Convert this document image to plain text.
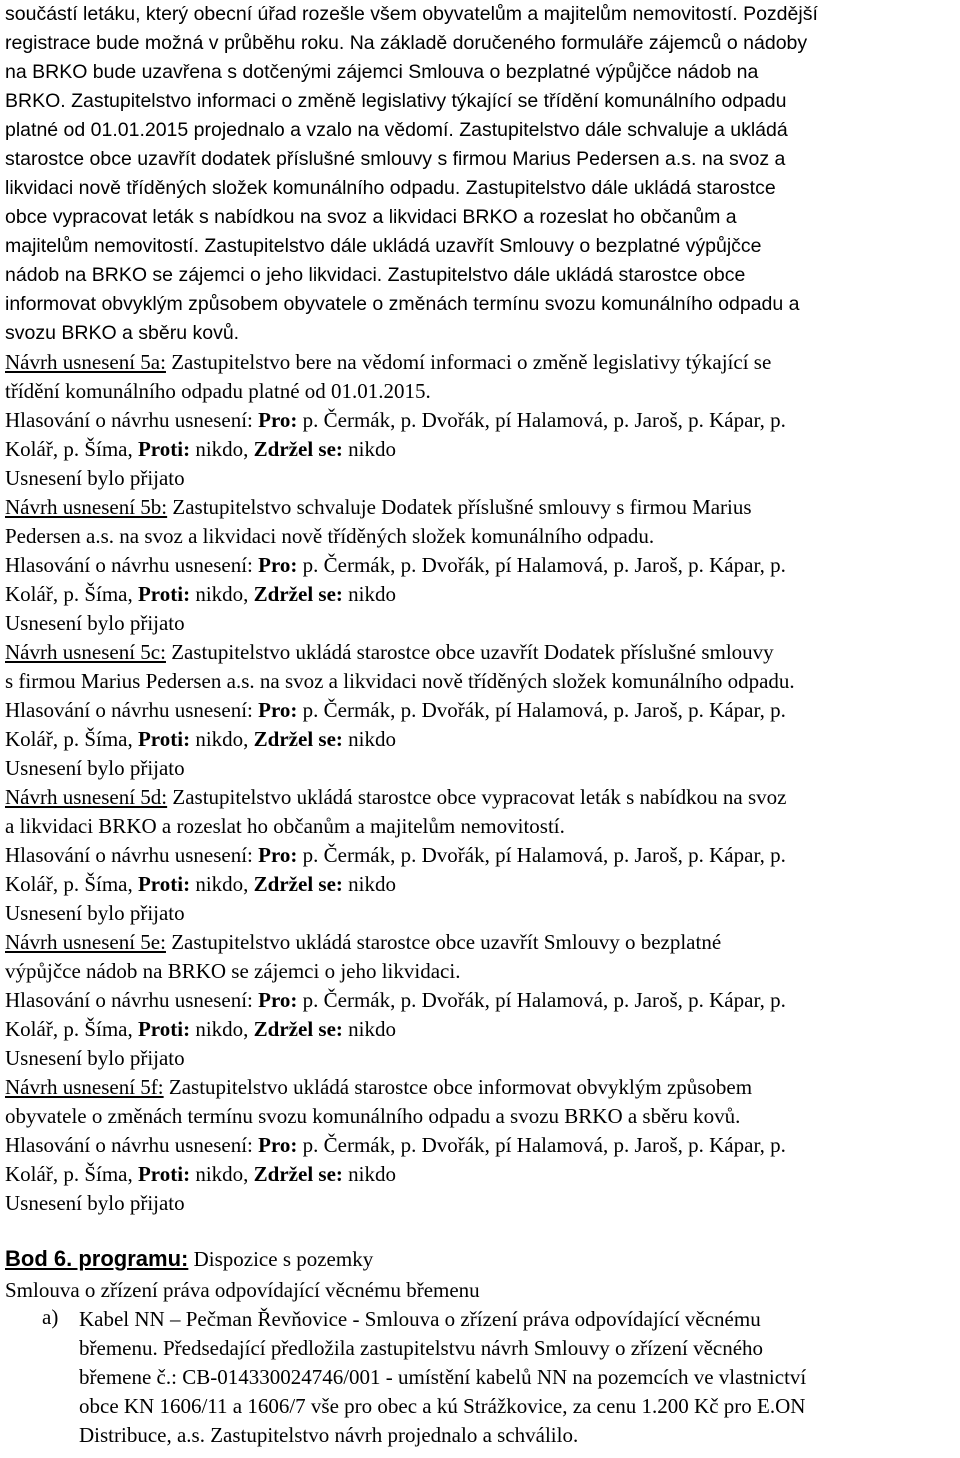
součástí letáku, který obecní úřad rozešle všem obyvatelům a majitelům nemovitostí. Pozdější
registrace bude možná v průběhu roku. Na základě doručeného formuláře zájemců o nádoby
na BRKO bude uzavřena s dotčenými zájemci Smlouva o bezplatné výpůjčce nádob na
BRKO. Zastupitelstvo informaci o změně legislativy týkající se třídění komunálního odpadu
platné od 01.01.2015 projednalo a vzalo na vědomí. Zastupitelstvo dále schvaluje a ukládá
starostce obce uzavřít dodatek příslušné smlouvy s firmou Marius Pedersen a.s. na svoz a
likvidaci nově tříděných složek komunálního odpadu. Zastupitelstvo dále ukládá starostce
obce vypracovat leták s nabídkou na svoz a likvidaci BRKO a rozeslat ho občanům a
majitelům nemovitostí. Zastupitelstvo dále ukládá uzavřít Smlouvy o bezplatné výpůjčce
nádob na BRKO se zájemci o jeho likvidaci. Zastupitelstvo dále ukládá starostce obce
informovat obvyklým způsobem obyvatele o změnách termínu svozu komunálního odpadu a
svozu BRKO a sběru kovů.
Návrh usnesení 5a: Zastupitelstvo bere na vědomí informaci o změně legislativy týkající se
třídění komunálního odpadu platné od 01.01.2015.
Hlasování o návrhu usnesení: Pro: p. Čermák, p. Dvořák, pí Halamová, p. Jaroš, p. Kápar, p.
Kolář, p. Šíma, Proti: nikdo, Zdržel se: nikdo
Usnesení bylo přijato
Návrh usnesení 5b: Zastupitelstvo schvaluje Dodatek příslušné smlouvy s firmou Marius
Pedersen a.s. na svoz a likvidaci nově tříděných složek komunálního odpadu.
Hlasování o návrhu usnesení: Pro: p. Čermák, p. Dvořák, pí Halamová, p. Jaroš, p. Kápar, p.
Kolář, p. Šíma, Proti: nikdo, Zdržel se: nikdo
Usnesení bylo přijato
Návrh usnesení 5c: Zastupitelstvo ukládá starostce obce uzavřít Dodatek příslušné smlouvy
s firmou Marius Pedersen a.s. na svoz a likvidaci nově tříděných složek komunálního odpadu.
Hlasování o návrhu usnesení: Pro: p. Čermák, p. Dvořák, pí Halamová, p. Jaroš, p. Kápar, p.
Kolář, p. Šíma, Proti: nikdo, Zdržel se: nikdo
Usnesení bylo přijato
Návrh usnesení 5d: Zastupitelstvo ukládá starostce obce vypracovat leták s nabídkou na svoz
a likvidaci BRKO a rozeslat ho občanům a majitelům nemovitostí.
Hlasování o návrhu usnesení: Pro: p. Čermák, p. Dvořák, pí Halamová, p. Jaroš, p. Kápar, p.
Kolář, p. Šíma, Proti: nikdo, Zdržel se: nikdo
Usnesení bylo přijato
Návrh usnesení 5e: Zastupitelstvo ukládá starostce obce uzavřít Smlouvy o bezplatné
výpůjčce nádob na BRKO se zájemci o jeho likvidaci.
Hlasování o návrhu usnesení: Pro: p. Čermák, p. Dvořák, pí Halamová, p. Jaroš, p. Kápar, p.
Kolář, p. Šíma, Proti: nikdo, Zdržel se: nikdo
Usnesení bylo přijato
Návrh usnesení 5f: Zastupitelstvo ukládá starostce obce informovat obvyklým způsobem
obyvatele o změnách termínu svozu komunálního odpadu a svozu BRKO a sběru kovů.
Hlasování o návrhu usnesení: Pro: p. Čermák, p. Dvořák, pí Halamová, p. Jaroš, p. Kápar, p.
Kolář, p. Šíma, Proti: nikdo, Zdržel se: nikdo
Usnesení bylo přijato
Bod 6. programu: Dispozice s pozemky
Smlouva o zřízení práva odpovídající věcnému břemenu
a) Kabel NN – Pečman Řevňovice - Smlouva o zřízení práva odpovídající věcnému
břemenu. Předsedající předložila zastupitelstvu návrh Smlouvy o zřízení věcného
břemene č.: CB-014330024746/001 - umístění kabelů NN na pozemcích ve vlastnictví
obce KN 1606/11 a 1606/7 vše pro obec a kú Strážkovice, za cenu 1.200 Kč pro E.ON
Distribuce, a.s. Zastupitelstvo návrh projednalo a schválilo.
